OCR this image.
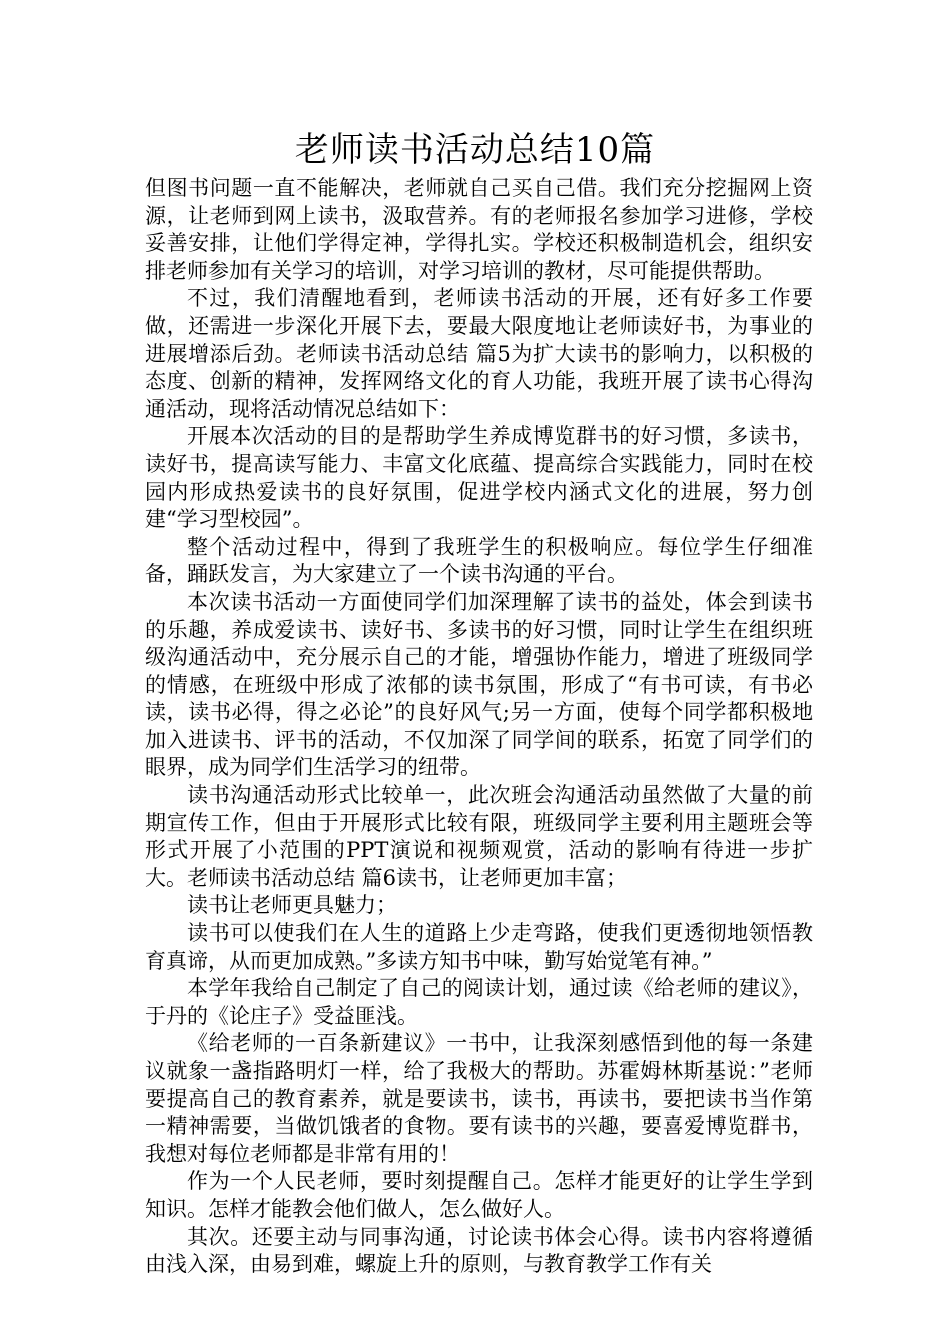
老师读书活动总结10篇

但图书问题一直不能解决，老师就自己买自己借。我们充分挖掘网上资源，让老师到网上读书，汲取营养。有的老师报名参加学习进修，学校妥善安排，让他们学得定神，学得扎实。学校还积极制造机会，组织安排老师参加有关学习的培训，对学习培训的教材，尽可能提供帮助。

不过，我们清醒地看到，老师读书活动的开展，还有好多工作要做，还需进一步深化开展下去，要最大限度地让老师读好书，为事业的进展增添后劲。老师读书活动总结 篇5为扩大读书的影响力，以积极的态度、创新的精神，发挥网络文化的育人功能，我班开展了读书心得沟通活动，现将活动情况总结如下：

开展本次活动的目的是帮助学生养成博览群书的好习惯，多读书，读好书，提高读写能力、丰富文化底蕴、提高综合实践能力，同时在校园内形成热爱读书的良好氛围，促进学校内涵式文化的进展，努力创建“学习型校园”。

整个活动过程中，得到了我班学生的积极响应。每位学生仔细准备，踊跃发言，为大家建立了一个读书沟通的平台。

本次读书活动一方面使同学们加深理解了读书的益处，体会到读书的乐趣，养成爱读书、读好书、多读书的好习惯，同时让学生在组织班级沟通活动中，充分展示自己的才能，增强协作能力，增进了班级同学的情感，在班级中形成了浓郁的读书氛围，形成了“有书可读，有书必读，读书必得，得之必论”的良好风气;另一方面，使每个同学都积极地加入进读书、评书的活动，不仅加深了同学间的联系，拓宽了同学们的眼界，成为同学们生活学习的纽带。

读书沟通活动形式比较单一，此次班会沟通活动虽然做了大量的前期宣传工作，但由于开展形式比较有限，班级同学主要利用主题班会等形式开展了小范围的PPT演说和视频观赏，活动的影响有待进一步扩大。老师读书活动总结 篇6读书，让老师更加丰富；

读书让老师更具魅力；

读书可以使我们在人生的道路上少走弯路，使我们更透彻地领悟教育真谛，从而更加成熟。”多读方知书中味，勤写始觉笔有神。”

本学年我给自己制定了自己的阅读计划，通过读《给老师的建议》，于丹的《论庄子》受益匪浅。

《给老师的一百条新建议》一书中，让我深刻感悟到他的每一条建议就象一盏指路明灯一样，给了我极大的帮助。苏霍姆林斯基说：”老师要提高自己的教育素养，就是要读书，读书，再读书，要把读书当作第一精神需要，当做饥饿者的食物。要有读书的兴趣，要喜爱博览群书，我想对每位老师都是非常有用的！

作为一个人民老师，要时刻提醒自己。怎样才能更好的让学生学到知识。怎样才能教会他们做人，怎么做好人。

其次。还要主动与同事沟通，讨论读书体会心得。读书内容将遵循由浅入深，由易到难，螺旋上升的原则，与教育教学工作有关
